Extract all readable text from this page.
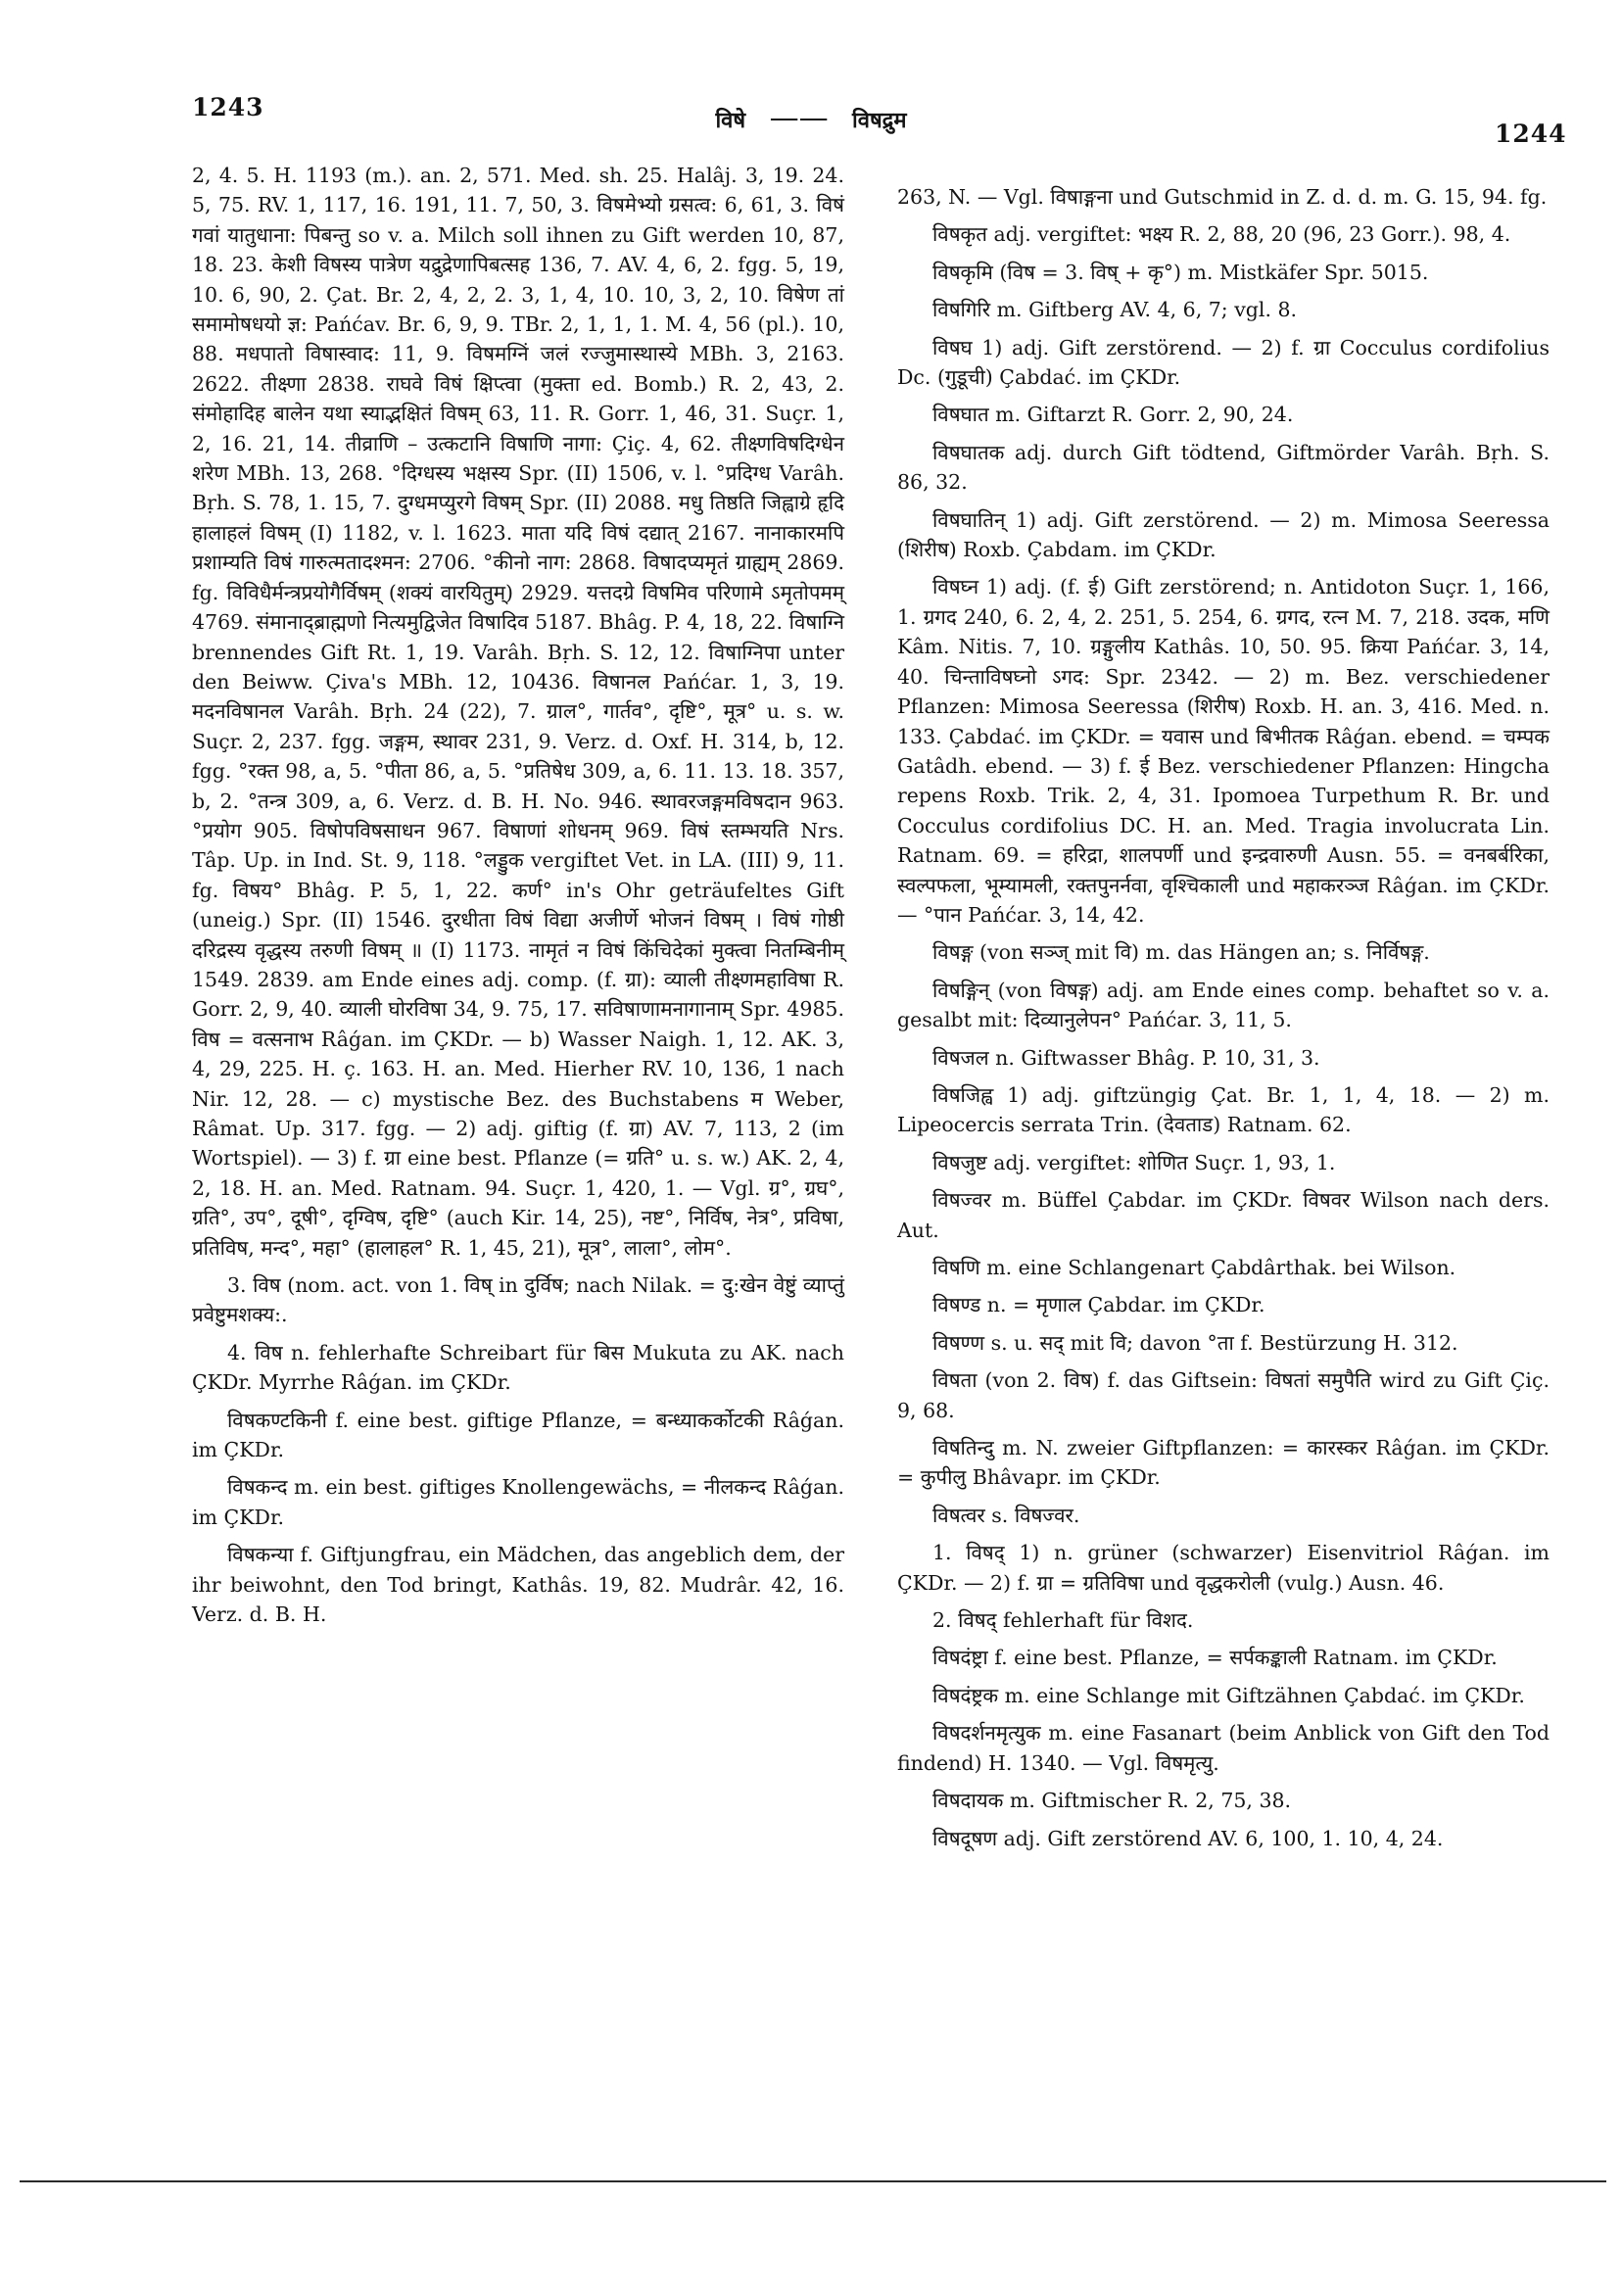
1243	विषे —— विषद्रुम	1244

2, 4. 5. H. 1193 (m.). an. 2, 571. Med. sh. 25. Halâj. 3, 19. 24. 5, 75. RV. 1, 117, 16. 191, 11. 7, 50, 3. विषमेभ्यो ग्रसत्व: 6, 61, 3. विषं गवां यातुधाना: पिबन्तु so v. a. Milch soll ihnen zu Gift werden 10, 87, 18. 23. केशी विषस्य पात्रेण यद्रुद्रेणापिबत्सह 136, 7. AV. 4, 6, 2. fgg. 5, 19, 10. 6, 90, 2. Çat. Br. 2, 4, 2, 2. 3, 1, 4, 10. 10, 3, 2, 10. विषेण तां समामोषधयो ज्ञ: Pańćav. Br. 6, 9, 9. TBr. 2, 1, 1, 1. M. 4, 56 (pl.). 10, 88. मधपातो विषास्वाद: 11, 9. विषमग्निं जलं रज्जुमास्थास्ये MBh. 3, 2163. 2622. तीक्ष्णा 2838. राघवे विषं क्षिप्त्वा (मुक्ता ed. Bomb.) R. 2, 43, 2. संमोहादिह बालेन यथा स्याद्भक्षितं विषम् 63, 11. R. Gorr. 1, 46, 31. Suçr. 1, 2, 16. 21, 14. तीव्राणि – उत्कटानि विषाणि नागा: Çiç. 4, 62. तीक्ष्णविषदिग्धेन शरेण MBh. 13, 268. °दिग्धस्य भक्षस्य Spr. (II) 1506, v. l. °प्रदिग्ध Varâh. Bṛh. S. 78, 1. 15, 7. दुग्धमप्युरगे विषम् Spr. (II) 2088. मधु तिष्ठति जिह्वाग्रे हृदि हालाहलं विषम् (I) 1182, v. l. 1623. माता यदि विषं दद्यात् 2167. नानाकारमपि प्रशाम्यति विषं गारुत्मतादश्मन: 2706. °कीनो नाग: 2868. विषादप्यमृतं ग्राह्यम् 2869. fg. विविधैर्मन्त्रप्रयोगैर्विषम् (शक्यं वारयितुम्) 2929. यत्तदग्रे विषमिव परिणामे ऽमृतोपमम् 4769. संमानाद्ब्राह्मणो नित्यमुद्विजेत विषादिव 5187. Bhâg. P. 4, 18, 22. विषाग्नि brennendes Gift Rt. 1, 19. Varâh. Bṛh. S. 12, 12. विषाग्निपा unter den Beiww. Çiva's MBh. 12, 10436. विषानल Pańćar. 1, 3, 19. मदनविषानल Varâh. Bṛh. 24 (22), 7. ग्राल°, गार्तव°, दृष्टि°, मूत्र° u. s. w. Suçr. 2, 237. fgg. जङ्गम, स्थावर 231, 9. Verz. d. Oxf. H. 314, b, 12. fgg. °रक्त 98, a, 5. °पीता 86, a, 5. °प्रतिषेध 309, a, 6. 11. 13. 18. 357, b, 2. °तन्त्र 309, a, 6. Verz. d. B. H. No. 946. स्थावरजङ्गमविषदान 963. °प्रयोग 905. विषोपविषसाधन 967. विषाणां शोधनम् 969. विषं स्तम्भयति Nrs. Tâp. Up. in Ind. St. 9, 118. °लड्डुक vergiftet Vet. in LA. (III) 9, 11. fg. विषय° Bhâg. P. 5, 1, 22. कर्ण° in's Ohr geträufeltes Gift (uneig.) Spr. (II) 1546. दुरधीता विषं विद्या अजीर्णे भोजनं विषम् । विषं गोष्ठी दरिद्रस्य वृद्धस्य तरुणी विषम् ॥ (I) 1173. नामृतं न विषं किंचिदेकां मुक्त्वा नितम्बिनीम् 1549. 2839. am Ende eines adj. comp. (f. ग्रा): व्याली तीक्ष्णमहाविषा R. Gorr. 2, 9, 40. व्याली घोरविषा 34, 9. 75, 17. सविषाणामनागानाम् Spr. 4985. विष = वत्सनाभ Râǵan. im ÇKDr. — b) Wasser Naigh. 1, 12. AK. 3, 4, 29, 225. H. ç. 163. H. an. Med. Hierher RV. 10, 136, 1 nach Nir. 12, 28. — c) mystische Bez. des Buchstabens म Weber, Râmat. Up. 317. fgg. — 2) adj. giftig (f. ग्रा) AV. 7, 113, 2 (im Wortspiel). — 3) f. ग्रा eine best. Pflanze (= ग्रति° u. s. w.) AK. 2, 4, 2, 18. H. an. Med. Ratnam. 94. Suçr. 1, 420, 1. — Vgl. ग्र°, ग्रघ°, ग्रति°, उप°, दूषी°, दृग्विष, दृष्टि° (auch Kir. 14, 25), नष्ट°, निर्विष, नेत्र°, प्रविषा, प्रतिविष, मन्द°, महा° (हालाहल° R. 1, 45, 21), मूत्र°, लाला°, लोम°.

3. विष (nom. act. von 1. विष् in दुर्विष; nach Nilak. = दु:खेन वेष्टुं व्याप्तुं प्रवेष्टुमशक्य:.

4. विष n. fehlerhafte Schreibart für बिस Mukuta zu AK. nach ÇKDr. Myrrhe Râǵan. im ÇKDr.

विषकण्टकिनी f. eine best. giftige Pflanze, = बन्ध्याकर्कोटकी Râǵan. im ÇKDr.

विषकन्द m. ein best. giftiges Knollengewächs, = नीलकन्द Râǵan. im ÇKDr.

विषकन्या f. Giftjungfrau, ein Mädchen, das angeblich dem, der ihr beiwohnt, den Tod bringt, Kathâs. 19, 82. Mudrâr. 42, 16. Verz. d. B. H.

263, N. — Vgl. विषाङ्गना und Gutschmid in Z. d. d. m. G. 15, 94. fg.

विषकृत adj. vergiftet: भक्ष्य R. 2, 88, 20 (96, 23 Gorr.). 98, 4.

विषकृमि (विष = 3. विष् + कृ°) m. Mistkäfer Spr. 5015.

विषगिरि m. Giftberg AV. 4, 6, 7; vgl. 8.

विषघ 1) adj. Gift zerstörend. — 2) f. ग्रा Cocculus cordifolius Dc. (गुडूची) Çabdać. im ÇKDr.

विषघात m. Giftarzt R. Gorr. 2, 90, 24.

विषघातक adj. durch Gift tödtend, Giftmörder Varâh. Bṛh. S. 86, 32.

विषघातिन् 1) adj. Gift zerstörend. — 2) m. Mimosa Seeressa (शिरीष) Roxb. Çabdam. im ÇKDr.

विषघ्न 1) adj. (f. ई) Gift zerstörend; n. Antidoton Suçr. 1, 166, 1. ग्रगद 240, 6. 2, 4, 2. 251, 5. 254, 6. ग्रगद, रत्न M. 7, 218. उदक, मणि Kâm. Nitis. 7, 10. ग्रङ्गुलीय Kathâs. 10, 50. 95. क्रिया Pańćar. 3, 14, 40. चिन्ताविषघ्नो ऽगद: Spr. 2342. — 2) m. Bez. verschiedener Pflanzen: Mimosa Seeressa (शिरीष) Roxb. H. an. 3, 416. Med. n. 133. Çabdać. im ÇKDr. = यवास und बिभीतक Râǵan. ebend. = चम्पक Gatâdh. ebend. — 3) f. ई Bez. verschiedener Pflanzen: Hingcha repens Roxb. Trik. 2, 4, 31. Ipomoea Turpethum R. Br. und Cocculus cordifolius DC. H. an. Med. Tragia involucrata Lin. Ratnam. 69. = हरिद्रा, शालपर्णी und इन्द्रवारुणी Ausn. 55. = वनबर्बरिका, स्वल्पफला, भूम्यामली, रक्तपुनर्नवा, वृश्चिकाली und महाकरञ्ज Râǵan. im ÇKDr. — °पान Pańćar. 3, 14, 42.

विषङ्ग (von सञ्ज् mit वि) m. das Hängen an; s. निर्विषङ्ग.

विषङ्गिन् (von विषङ्ग) adj. am Ende eines comp. behaftet so v. a. gesalbt mit: दिव्यानुलेपन° Pańćar. 3, 11, 5.

विषजल n. Giftwasser Bhâg. P. 10, 31, 3.

विषजिह्व 1) adj. giftzüngig Çat. Br. 1, 1, 4, 18. — 2) m. Lipeocercis serrata Trin. (देवताड) Ratnam. 62.

विषजुष्ट adj. vergiftet: शोणित Suçr. 1, 93, 1.

विषज्वर m. Büffel Çabdar. im ÇKDr. विषवर Wilson nach ders. Aut.

विषणि m. eine Schlangenart Çabdârthak. bei Wilson.

विषण्ड n. = मृणाल Çabdar. im ÇKDr.

विषण्ण s. u. सद् mit वि; davon °ता f. Bestürzung H. 312.

विषता (von 2. विष) f. das Giftsein: विषतां समुपैति wird zu Gift Çiç. 9, 68.

विषतिन्दु m. N. zweier Giftpflanzen: = कारस्कर Râǵan. im ÇKDr. = कुपीलु Bhâvapr. im ÇKDr.

विषत्वर s. विषज्वर.

1. विषद् 1) n. grüner (schwarzer) Eisenvitriol Râǵan. im ÇKDr. — 2) f. ग्रा = ग्रतिविषा und वृद्धकरोली (vulg.) Ausn. 46.

2. विषद् fehlerhaft für विशद.

विषदंष्ट्रा f. eine best. Pflanze, = सर्पकङ्काली Ratnam. im ÇKDr.

विषदंष्ट्रक m. eine Schlange mit Giftzähnen Çabdać. im ÇKDr.

विषदर्शनमृत्युक m. eine Fasanart (beim Anblick von Gift den Tod findend) H. 1340. — Vgl. विषमृत्यु.

विषदायक m. Giftmischer R. 2, 75, 38.

विषदूषण adj. Gift zerstörend AV. 6, 100, 1. 10, 4, 24.
